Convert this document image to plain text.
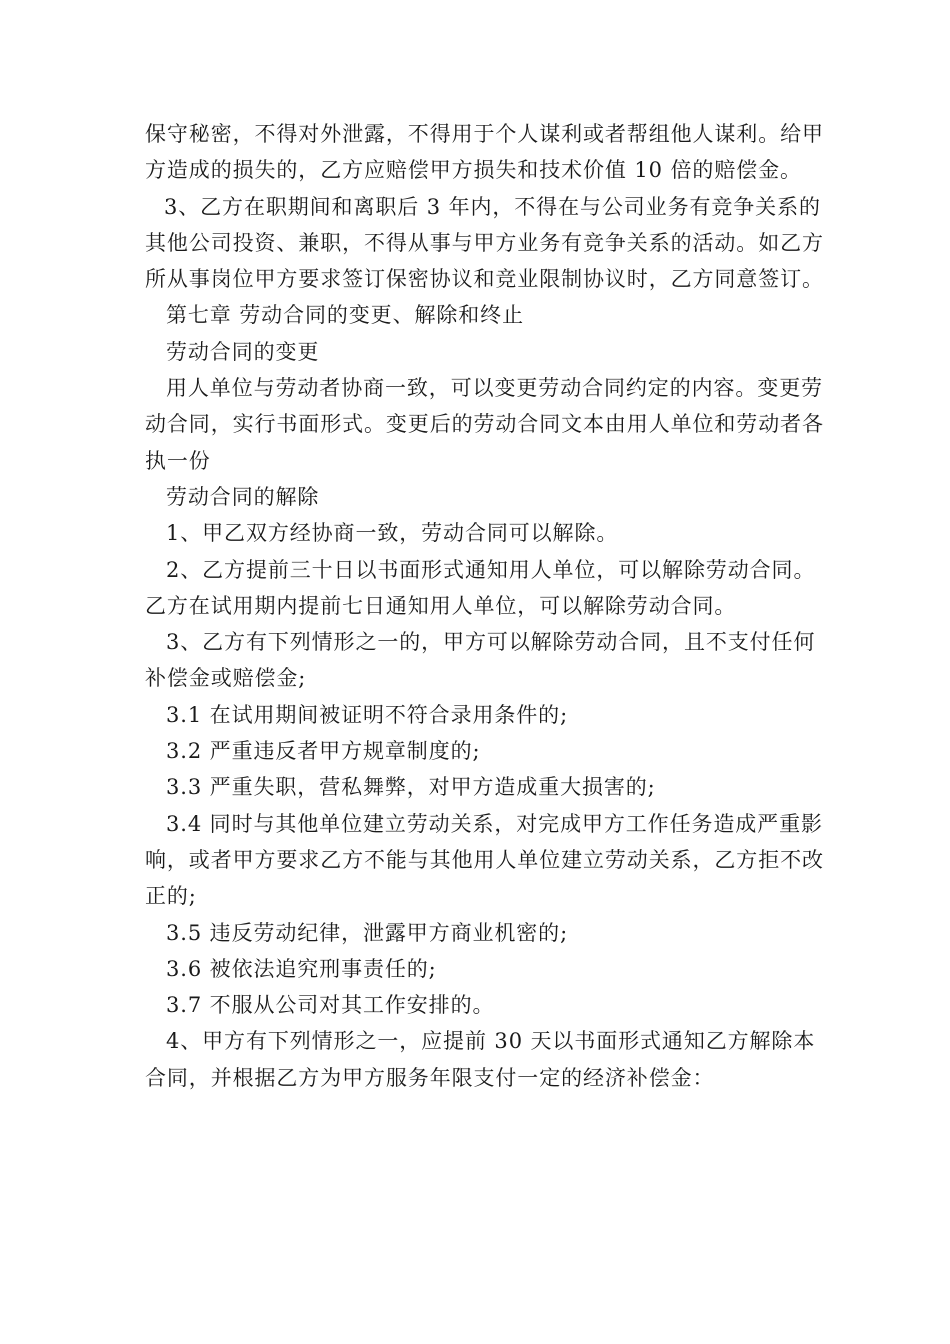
保守秘密，不得对外泄露，不得用于个人谋利或者帮组他人谋利。给甲方造成的损失的，乙方应赔偿甲方损失和技术价值 10 倍的赔偿金。

3、乙方在职期间和离职后 3 年内，不得在与公司业务有竞争关系的其他公司投资、兼职，不得从事与甲方业务有竞争关系的活动。如乙方所从事岗位甲方要求签订保密协议和竞业限制协议时，乙方同意签订。

第七章 劳动合同的变更、解除和终止

劳动合同的变更

用人单位与劳动者协商一致，可以变更劳动合同约定的内容。变更劳动合同，实行书面形式。变更后的劳动合同文本由用人单位和劳动者各执一份

劳动合同的解除

1、甲乙双方经协商一致，劳动合同可以解除。

2、乙方提前三十日以书面形式通知用人单位，可以解除劳动合同。乙方在试用期内提前七日通知用人单位，可以解除劳动合同。

3、乙方有下列情形之一的，甲方可以解除劳动合同，且不支付任何补偿金或赔偿金;

3.1 在试用期间被证明不符合录用条件的;

3.2 严重违反者甲方规章制度的;

3.3 严重失职，营私舞弊，对甲方造成重大损害的;

3.4 同时与其他单位建立劳动关系，对完成甲方工作任务造成严重影响，或者甲方要求乙方不能与其他用人单位建立劳动关系，乙方拒不改正的;

3.5 违反劳动纪律，泄露甲方商业机密的;

3.6 被依法追究刑事责任的;

3.7 不服从公司对其工作安排的。

4、甲方有下列情形之一，应提前 30 天以书面形式通知乙方解除本合同，并根据乙方为甲方服务年限支付一定的经济补偿金：
